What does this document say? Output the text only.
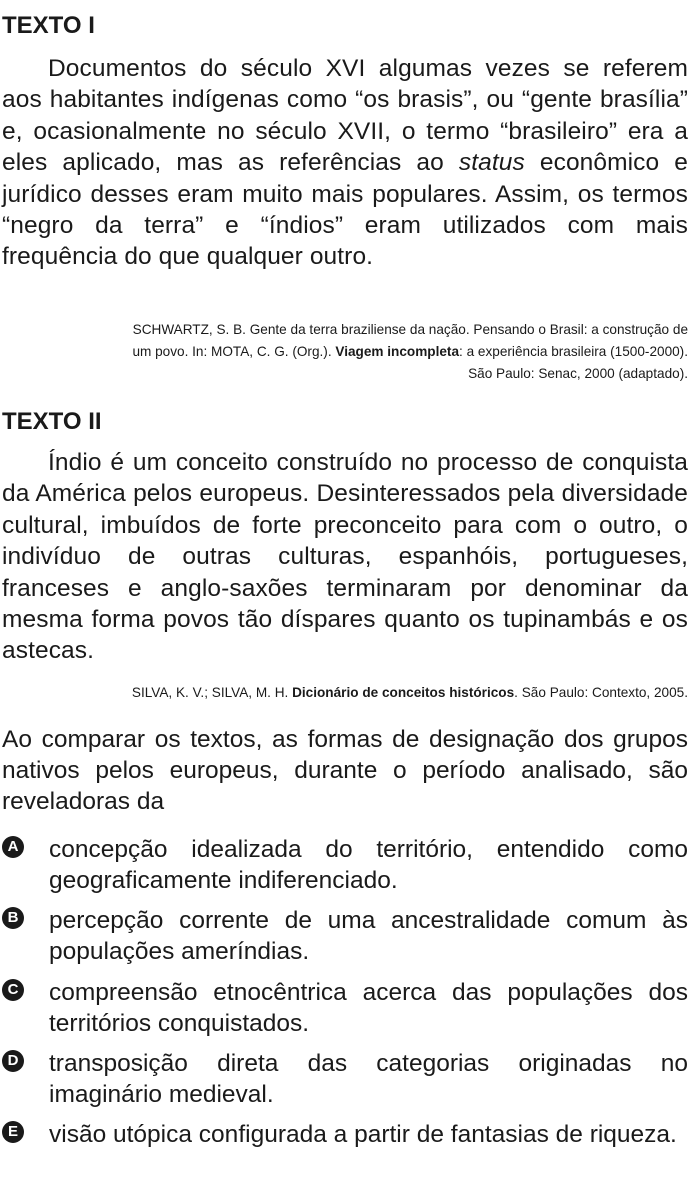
TEXTO I
Documentos do século XVI algumas vezes se referem aos habitantes indígenas como “os brasis”, ou “gente brasília” e, ocasionalmente no século XVII, o termo “brasileiro” era a eles aplicado, mas as referências ao status econômico e jurídico desses eram muito mais populares. Assim, os termos “negro da terra” e “índios” eram utilizados com mais frequência do que qualquer outro.
SCHWARTZ, S. B. Gente da terra braziliense da nação. Pensando o Brasil: a construção de
um povo. In: MOTA, C. G. (Org.). Viagem incompleta: a experiência brasileira (1500-2000).
São Paulo: Senac, 2000 (adaptado).
TEXTO II
Índio é um conceito construído no processo de conquista da América pelos europeus. Desinteressados pela diversidade cultural, imbuídos de forte preconceito para com o outro, o indivíduo de outras culturas, espanhóis, portugueses, franceses e anglo-saxões terminaram por denominar da mesma forma povos tão díspares quanto os tupinambás e os astecas.
SILVA, K. V.; SILVA, M. H. Dicionário de conceitos históricos. São Paulo: Contexto, 2005.
Ao comparar os textos, as formas de designação dos grupos nativos pelos europeus, durante o período analisado, são reveladoras da
A concepção idealizada do território, entendido como geograficamente indiferenciado.
B percepção corrente de uma ancestralidade comum às populações ameríndias.
C compreensão etnocêntrica acerca das populações dos territórios conquistados.
D transposição direta das categorias originadas no imaginário medieval.
E visão utópica configurada a partir de fantasias de riqueza.
